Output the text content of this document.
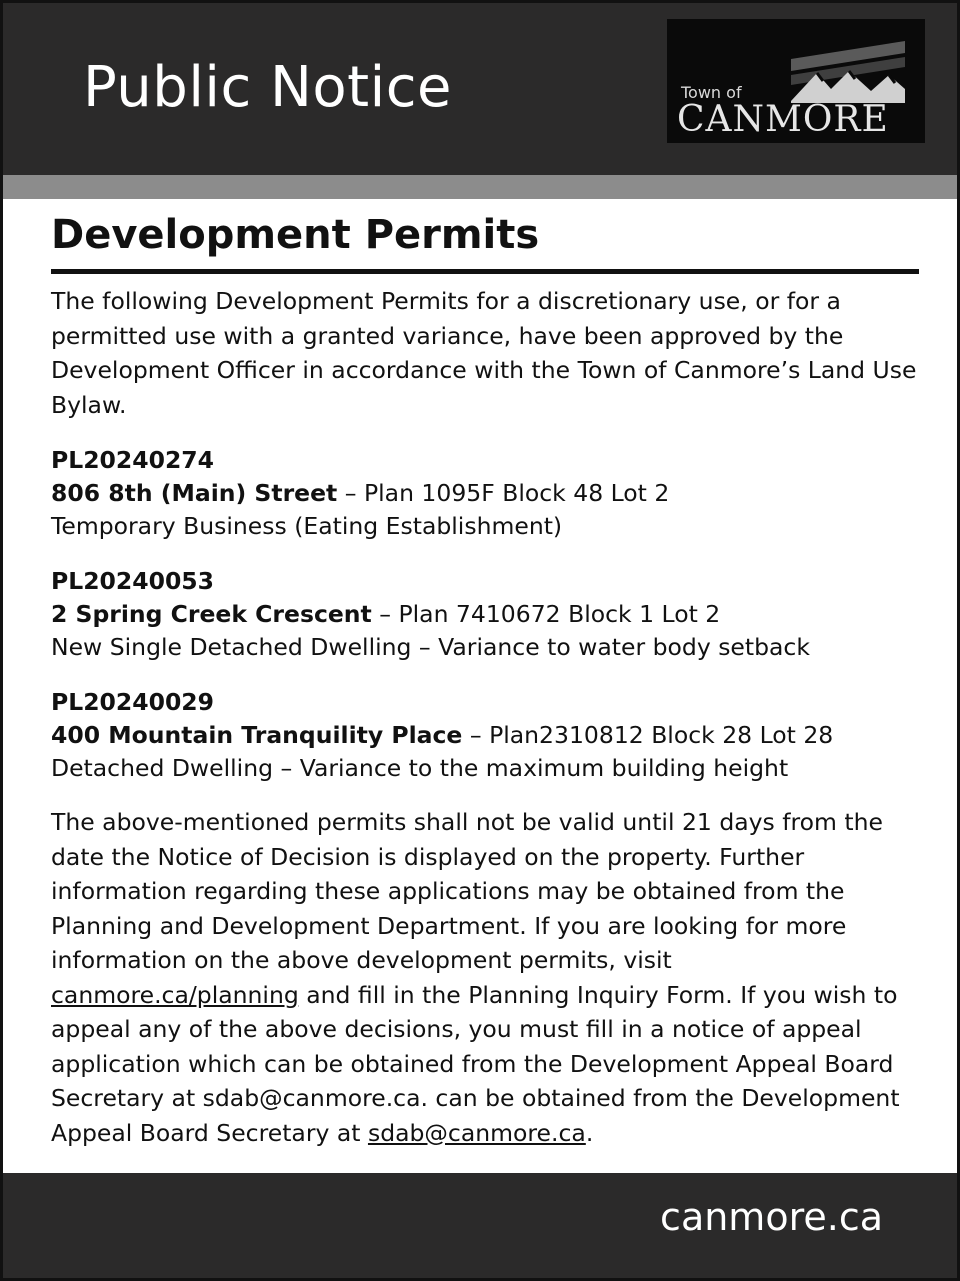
Public Notice	Town of
CANMORE
Development Permits

The following Development Permits for a discretionary use, or for a permitted use with a granted variance, have been approved by the Development Officer in accordance with the Town of Canmore’s Land Use Bylaw.

PL20240274
806 8th (Main) Street – Plan 1095F Block 48 Lot 2
Temporary Business (Eating Establishment)
PL20240053
2 Spring Creek Crescent – Plan 7410672 Block 1 Lot 2
New Single Detached Dwelling – Variance to water body setback
PL20240029
400 Mountain Tranquility Place – Plan2310812 Block 28 Lot 28
Detached Dwelling – Variance to the maximum building height

The above-mentioned permits shall not be valid until 21 days from the date the Notice of Decision is displayed on the property. Further information regarding these applications may be obtained from the Planning and Development Department. If you are looking for more information on the above development permits, visit canmore.ca/planning and fill in the Planning Inquiry Form. If you wish to appeal any of the above decisions, you must fill in a notice of appeal application which can be obtained from the Development Appeal Board Secretary at sdab@canmore.ca. can be obtained from the Development Appeal Board Secretary at sdab@canmore.ca.

canmore.ca
